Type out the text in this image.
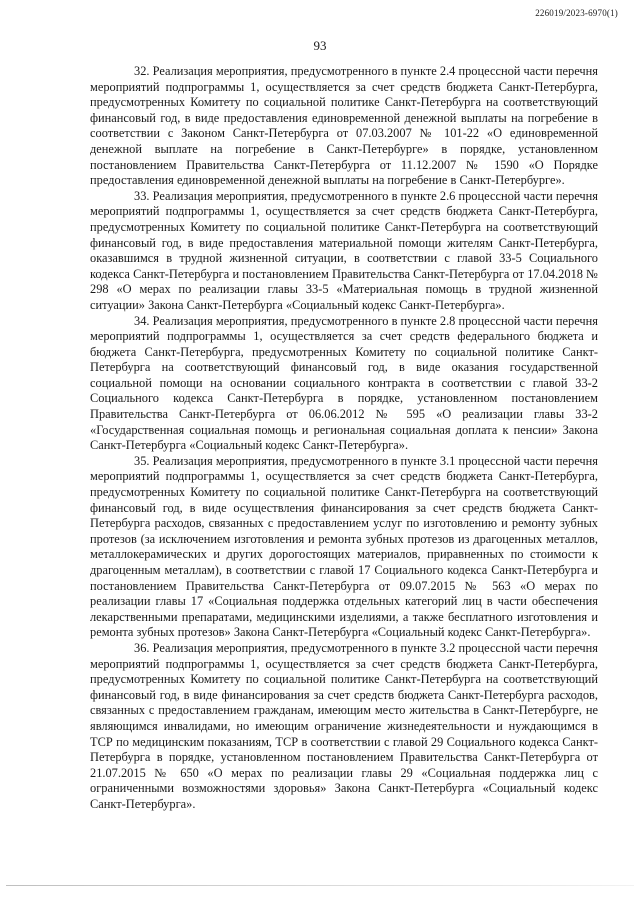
226019/2023-6970(1)
93

32. Реализация мероприятия, предусмотренного в пункте 2.4 процессной части перечня мероприятий подпрограммы 1, осуществляется за счет средств бюджета Санкт-Петербурга, предусмотренных Комитету по социальной политике Санкт-Петербурга на соответствующий финансовый год, в виде предоставления единовременной денежной выплаты на погребение в соответствии с Законом Санкт-Петербурга от 07.03.2007 № 101-22 «О единовременной денежной выплате на погребение в Санкт-Петербурге» в порядке, установленном постановлением Правительства Санкт-Петербурга от 11.12.2007 № 1590 «О Порядке предоставления единовременной денежной выплаты на погребение в Санкт-Петербурге».

33. Реализация мероприятия, предусмотренного в пункте 2.6 процессной части перечня мероприятий подпрограммы 1, осуществляется за счет средств бюджета Санкт-Петербурга, предусмотренных Комитету по социальной политике Санкт-Петербурга на соответствующий финансовый год, в виде предоставления материальной помощи жителям Санкт-Петербурга, оказавшимся в трудной жизненной ситуации, в соответствии с главой 33-5 Социального кодекса Санкт-Петербурга и постановлением Правительства Санкт-Петербурга от 17.04.2018 № 298 «О мерах по реализации главы 33-5 «Материальная помощь в трудной жизненной ситуации» Закона Санкт-Петербурга «Социальный кодекс Санкт-Петербурга».

34. Реализация мероприятия, предусмотренного в пункте 2.8 процессной части перечня мероприятий подпрограммы 1, осуществляется за счет средств федерального бюджета и бюджета Санкт-Петербурга, предусмотренных Комитету по социальной политике Санкт-Петербурга на соответствующий финансовый год, в виде оказания государственной социальной помощи на основании социального контракта в соответствии с главой 33-2 Социального кодекса Санкт-Петербурга в порядке, установленном постановлением Правительства Санкт-Петербурга от 06.06.2012 № 595 «О реализации главы 33-2 «Государственная социальная помощь и региональная социальная доплата к пенсии» Закона Санкт-Петербурга «Социальный кодекс Санкт-Петербурга».

35. Реализация мероприятия, предусмотренного в пункте 3.1 процессной части перечня мероприятий подпрограммы 1, осуществляется за счет средств бюджета Санкт-Петербурга, предусмотренных Комитету по социальной политике Санкт-Петербурга на соответствующий финансовый год, в виде осуществления финансирования за счет средств бюджета Санкт-Петербурга расходов, связанных с предоставлением услуг по изготовлению и ремонту зубных протезов (за исключением изготовления и ремонта зубных протезов из драгоценных металлов, металлокерамических и других дорогостоящих материалов, приравненных по стоимости к драгоценным металлам), в соответствии с главой 17 Социального кодекса Санкт-Петербурга и постановлением Правительства Санкт-Петербурга от 09.07.2015 № 563 «О мерах по реализации главы 17 «Социальная поддержка отдельных категорий лиц в части обеспечения лекарственными препаратами, медицинскими изделиями, а также бесплатного изготовления и ремонта зубных протезов» Закона Санкт-Петербурга «Социальный кодекс Санкт-Петербурга».

36. Реализация мероприятия, предусмотренного в пункте 3.2 процессной части перечня мероприятий подпрограммы 1, осуществляется за счет средств бюджета Санкт-Петербурга, предусмотренных Комитету по социальной политике Санкт-Петербурга на соответствующий финансовый год, в виде финансирования за счет средств бюджета Санкт-Петербурга расходов, связанных с предоставлением гражданам, имеющим место жительства в Санкт-Петербурге, не являющимся инвалидами, но имеющим ограничение жизнедеятельности и нуждающимся в ТСР по медицинским показаниям, ТСР в соответствии с главой 29 Социального кодекса Санкт-Петербурга в порядке, установленном постановлением Правительства Санкт-Петербурга от 21.07.2015 № 650 «О мерах по реализации главы 29 «Социальная поддержка лиц с ограниченными возможностями здоровья» Закона Санкт-Петербурга «Социальный кодекс Санкт-Петербурга».
